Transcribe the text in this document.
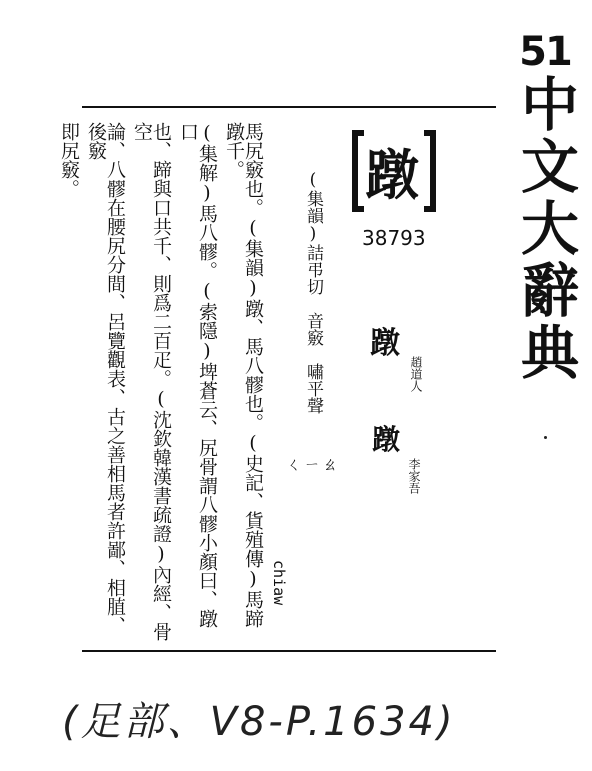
51
中文大辭典
蹾
38793
蹾
趙道人
蹾
李家吾
(集韻)詰弔切　音竅　嘯平聲
ㄑㄧㄠ
chiaw
馬尻竅也。(集韻)蹾、馬八髎也。(史記、貨殖傳)馬蹄蹾千。
(集解)馬八髎。(索隱)埤蒼云、尻骨謂八髎小顏曰、蹾口
也、蹄與口共千、則爲二百疋。(沈欽韓漢書疏證)內經、骨空
論、八髎在腰尻分間、呂覽觀表、古之善相馬者許鄙、相䐈、後竅
即尻竅。
(足部、V8-P.1634)
